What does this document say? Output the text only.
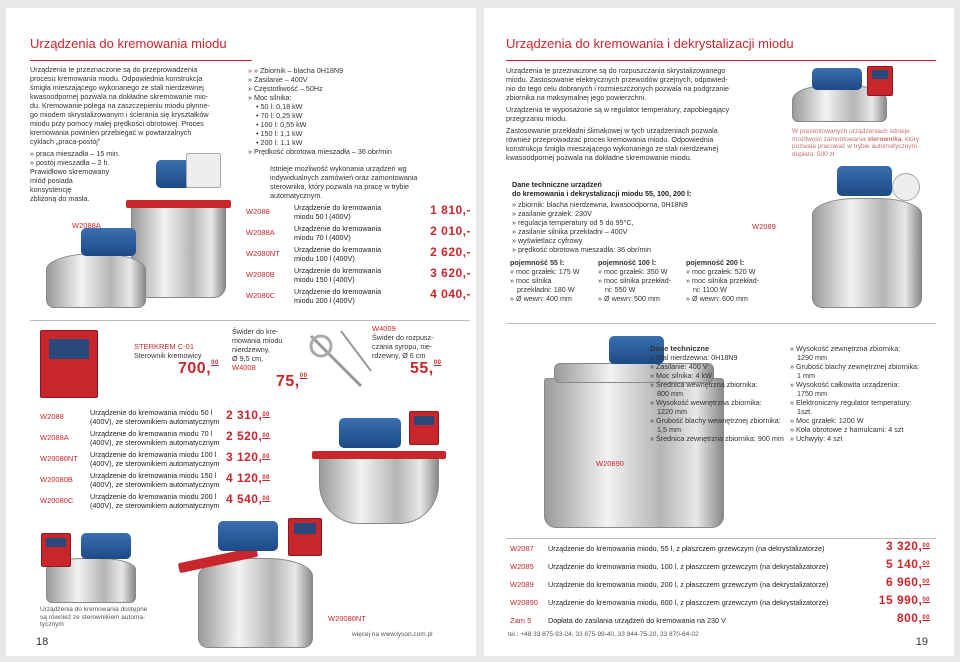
Urządzenia do kremowania miodu
Urządzenia te przeznaczone są do przeprowadzenia
procesu kremowania miodu. Odpowiednia konstrukcja
śmigła mieszającego wykonanego ze stali nierdzewnej
kwasoodpornej pozwala na dokładne skremowanie mio-
du. Kremowanie polega na zaszczepieniu miodu płynne-
go miodem skrystalizowanym i ścierania się kryształków
miodu przy pomocy małej prędkości obrotowej. Proces
kremowania powinien przebiegać w powtarzalnych
cyklach „praca-postój”
» praca mieszadła – 15 min.
» postój mieszadła – 2 h.
Prawidłowo skremowany
miód posiada
konsystencję
zbliżoną do masła.
W2088A
» » Zbiornik – blacha 0H18N9
» Zasilanie – 400V
» Częstotliwość – 50Hz
» Moc silnika:
• 50 l: 0,18 kW
• 70 l: 0,25 kW
• 100 l: 0,55 kW
• 150 l: 1,1 kW
• 200 l: 1,1 kW
» Prędkość obrotowa mieszadła – 36 obr/min
Istnieje możliwość wykonania urządzeń wg
indywidualnych zamówień oraz zamontowania
sterownika, który pozwala na pracę w trybie
automatycznym.
W2088	Urządzenie do kremowania
miodu 50 l (400V)	1 810,-
W2088A	Urządzenie do kremowania
miodu 70 l (400V)	2 010,-
W2080NT Urządzenie do kremowania
miodu 100 l (400V)	2 620,-
W2080B	Urządzenie do kremowania
miodu 150 l (400V)	3 620,-
W2080C	Urządzenie do kremowania
miodu 200 l (400V)	4 040,-
STERKREM C-01
Sterownik kremowicy
700,00
Świder do kre-
mowania miodu
nierdzewny,
Ø 9,5 cm,
W4008
75,00
W4009
Świder do rozpusz-
czania syropu, nie-
rdzewny, Ø 6 cm
55,00
W2088	Urządzenie do kremowania miodu 50 l
(400V), ze sterownikiem automatycznym 2 310,00
W2088A	Urządzenie do kremowania miodu 70 l
(400V), ze sterownikiem automatycznym 2 520,00
W20080NT Urządzenie do kremowania miodu 100 l
(400V), ze sterownikiem automatycznym 3 120,00
W20080B Urządzenie do kremowania miodu 150 l
(400V), ze sterownikiem automatycznym 4 120,00
W20080C Urządzenie do kremowania miodu 200 l
(400V), ze sterownikiem automatycznym 4 540,00
Urządzenia do kremowania dostępne są również ze sterownikiem automa-tycznym
W20080NT
18
więcej na www.lyson.com.pl
Urządzenia do kremowania i dekrystalizacji miodu
Urządzenia te przeznaczone są do rozpuszczania skrystalizowanego
miodu. Zastosowanie elektrycznych przewodów grzejnych, odpowied-
nio do tego celu dobranych i rozmieszczonych pozwala na podgrzanie
zbiornika na maksymalnej jego powierzchni.
Urządzenia te wyposażone są w regulator temperatury, zapobiegający
przegrzaniu miodu.
Zastosowanie przekładni ślimakowej w tych urządzeniach pozwala
również przeprowadzać proces kremowania miodu. Odpowiednia
konstrukcja śmigła mieszającego wykonanego ze stali nierdzewnej
kwasoodpornej pozwala na dokładne skremowanie miodu.
W prezentowanych urządzeniach istnieje
możliwość zamontowania sterownika, który
pozwala pracować w trybie automatycznym -
dopłata: 500 zł
Dane techniczne urządzeń
do kremowania i dekrystalizacji miodu 55, 100, 200 l:
» zbiornik: blacha nierdzewna, kwasoodporna, 0H18N9
» zasilanie grzałek: 230V
» regulacja temperatury od 5 do 95°C,
» zasilanie silnika przekładni – 400V
» wyświetlacz cyfrowy
» prędkość obrotowa mieszadła: 36 obr/min
W2089
pojemność 55 l:
» moc grzałek: 175 W
» moc silnika
przekładni: 180 W
» Ø wewn: 400 mm
pojemność 100 l:
» moc grzałek: 350 W
» moc silnika przekład-
ni: 550 W
» Ø wewn: 500 mm
pojemność 200 l:
» moc grzałek: 520 W
» moc silnika przekład-
ni: 1100 W
» Ø wewn: 600 mm
W20890
Dane techniczne
» Stal nierdzewna: 0H18N9
» Zasilanie: 400 V
» Moc silnika: 4 kW
» Średnica wewnętrzna zbiornika:
800 mm
» Wysokość wewnętrzna zbiornika:
1220 mm
» Grubość blachy wewnętrznej zbiornika:
1,5 mm
» Średnica zewnętrzna zbiornika: 900 mm
» Wysokość zewnętrzna zbiornika:
1290 mm
» Grubość blachy zewnętrznej zbiornika:
1 mm
» Wysokość całkowita urządzenia:
1750 mm
» Elektroniczny regulator temperatury:
1szt.
» Moc grzałek: 1200 W
» Koła obrotowe z hamulcami: 4 szt
» Uchwyty: 4 szt
W2087 Urządzenie do kremowania miodu, 55 l, z płaszczem grzewczym (na dekrystalizatorze)	3 320,00
W2085 Urządzenie do kremowania miodu, 100 l, z płaszczem grzewczym (na dekrystalizatorze)	5 140,00
W2089 Urządzenie do kremowania miodu, 200 l, z płaszczem grzewczym (na dekrystalizatorze)	6 960,00
W20890 Urządzenie do kremowania miodu, 600 l, z płaszczem grzewczym (na dekrystalizatorze)	15 990,00
Zam 5 Dopłata do zasilania urządzeń do kremowania na 230 V	800,00
tel.: +48 33 875-93-24, 33 875-99-40, 33 844-75-20, 33 870-64-02
19
